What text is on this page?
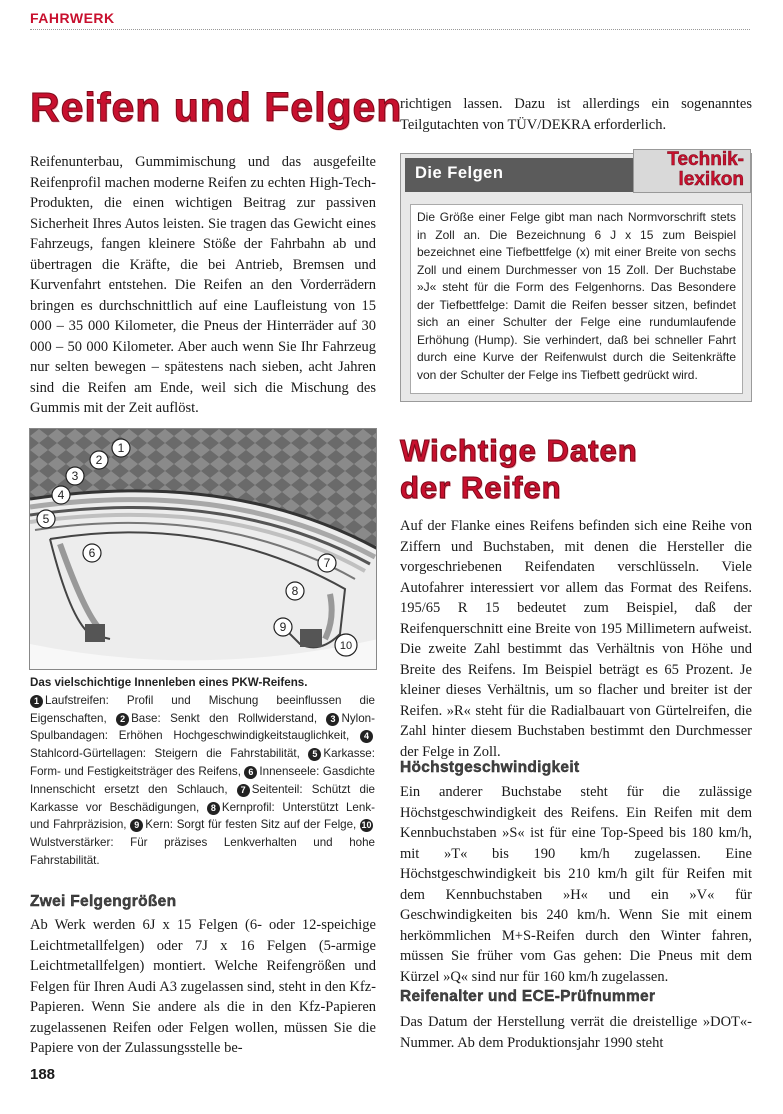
FAHRWERK
Reifen und Felgen
Reifenunterbau, Gummimischung und das ausgefeilte Reifenprofil machen moderne Reifen zu echten High-Tech-Produkten, die einen wichtigen Beitrag zur passiven Sicherheit Ihres Autos leisten. Sie tragen das Gewicht eines Fahrzeugs, fangen kleinere Stöße der Fahrbahn ab und übertragen die Kräfte, die bei Antrieb, Bremsen und Kurvenfahrt entstehen. Die Reifen an den Vorderrädern bringen es durchschnittlich auf eine Laufleistung von 15 000 – 35 000 Kilometer, die Pneus der Hinterräder auf 30 000 – 50 000 Kilometer. Aber auch wenn Sie Ihr Fahrzeug nur selten bewegen – spätestens nach sieben, acht Jahren sind die Reifen am Ende, weil sich die Mischung des Gummis mit der Zeit auflöst.
1
2
3
4
5
6
7
8
9
10
Das vielschichtige Innenleben eines PKW-Reifens.
1 Laufstreifen: Profil und Mischung beeinflussen die Eigenschaften, 2 Base: Senkt den Rollwiderstand, 3 Nylon-Spulbandagen: Erhöhen Hochgeschwindigkeitstauglichkeit, 4Stahlcord-Gürtellagen: Steigern die Fahrstabilität, 5 Karkasse: Form- und Festigkeitsträger des Reifens, 6 Innenseele: Gasdichte Innenschicht ersetzt den Schlauch, 7 Seitenteil: Schützt die Karkasse vor Beschädigungen, 8 Kernprofil: Unterstützt Lenk- und Fahrpräzision, 9 Kern: Sorgt für festen Sitz auf der Felge, 10Wulstverstärker: Für präzises Lenkverhalten und hohe Fahrstabilität.
Zwei Felgengrößen
Ab Werk werden 6J x 15 Felgen (6- oder 12-speichige Leichtmetallfelgen) oder 7J x 16 Felgen (5-armige Leichtmetallfelgen) montiert. Welche Reifengrößen und Felgen für Ihren Audi A3 zugelassen sind, steht in den Kfz-Papieren. Wenn Sie andere als die in den Kfz-Papieren zugelassenen Reifen oder Felgen wollen, müssen Sie die Papiere von der Zulassungsstelle be-
188
richtigen lassen. Dazu ist allerdings ein sogenanntes Teilgutachten von TÜV/DEKRA erforderlich.
Die Felgen
Technik-
lexikon
Die Größe einer Felge gibt man nach Normvorschrift stets in Zoll an. Die Bezeichnung 6 J x 15 zum Beispiel bezeichnet eine Tiefbettfelge (x) mit einer Breite von sechs Zoll und einem Durchmesser von 15 Zoll. Der Buchstabe »J« steht für die Form des Felgenhorns. Das Besondere der Tiefbettfelge: Damit die Reifen besser sitzen, befindet sich an einer Schulter der Felge eine rundumlaufende Erhöhung (Hump). Sie verhindert, daß bei schneller Fahrt durch eine Kurve der Reifenwulst durch die Seitenkräfte von der Schulter der Felge ins Tiefbett gedrückt wird.
Wichtige Daten
der Reifen
Auf der Flanke eines Reifens befinden sich eine Reihe von Ziffern und Buchstaben, mit denen die Hersteller die vorgeschriebenen Reifendaten verschlüsseln. Viele Autofahrer interessiert vor allem das Format des Reifens. 195/65 R 15 bedeutet zum Beispiel, daß der Reifenquerschnitt eine Breite von 195 Millimetern aufweist. Die zweite Zahl bestimmt das Verhältnis von Höhe und Breite des Reifens. Im Beispiel beträgt es 65 Prozent. Je kleiner dieses Verhältnis, um so flacher und breiter ist der Reifen. »R« steht für die Radialbauart von Gürtelreifen, die Zahl hinter diesem Buchstaben bestimmt den Durchmesser der Felge in Zoll.
Höchstgeschwindigkeit
Ein anderer Buchstabe steht für die zulässige Höchstgeschwindigkeit des Reifens. Ein Reifen mit dem Kennbuchstaben »S« ist für eine Top-Speed bis 180 km/h, mit »T« bis 190 km/h zugelassen. Eine Höchstgeschwindigkeit bis 210 km/h gilt für Reifen mit dem Kennbuchstaben »H« und ein »V« für Geschwindigkeiten bis 240 km/h. Wenn Sie mit einem herkömmlichen M+S-Reifen durch den Winter fahren, müssen Sie früher vom Gas gehen: Die Pneus mit dem Kürzel »Q« sind nur für 160 km/h zugelassen.
Reifenalter und ECE-Prüfnummer
Das Datum der Herstellung verrät die dreistellige »DOT«-Nummer. Ab dem Produktionsjahr 1990 steht
